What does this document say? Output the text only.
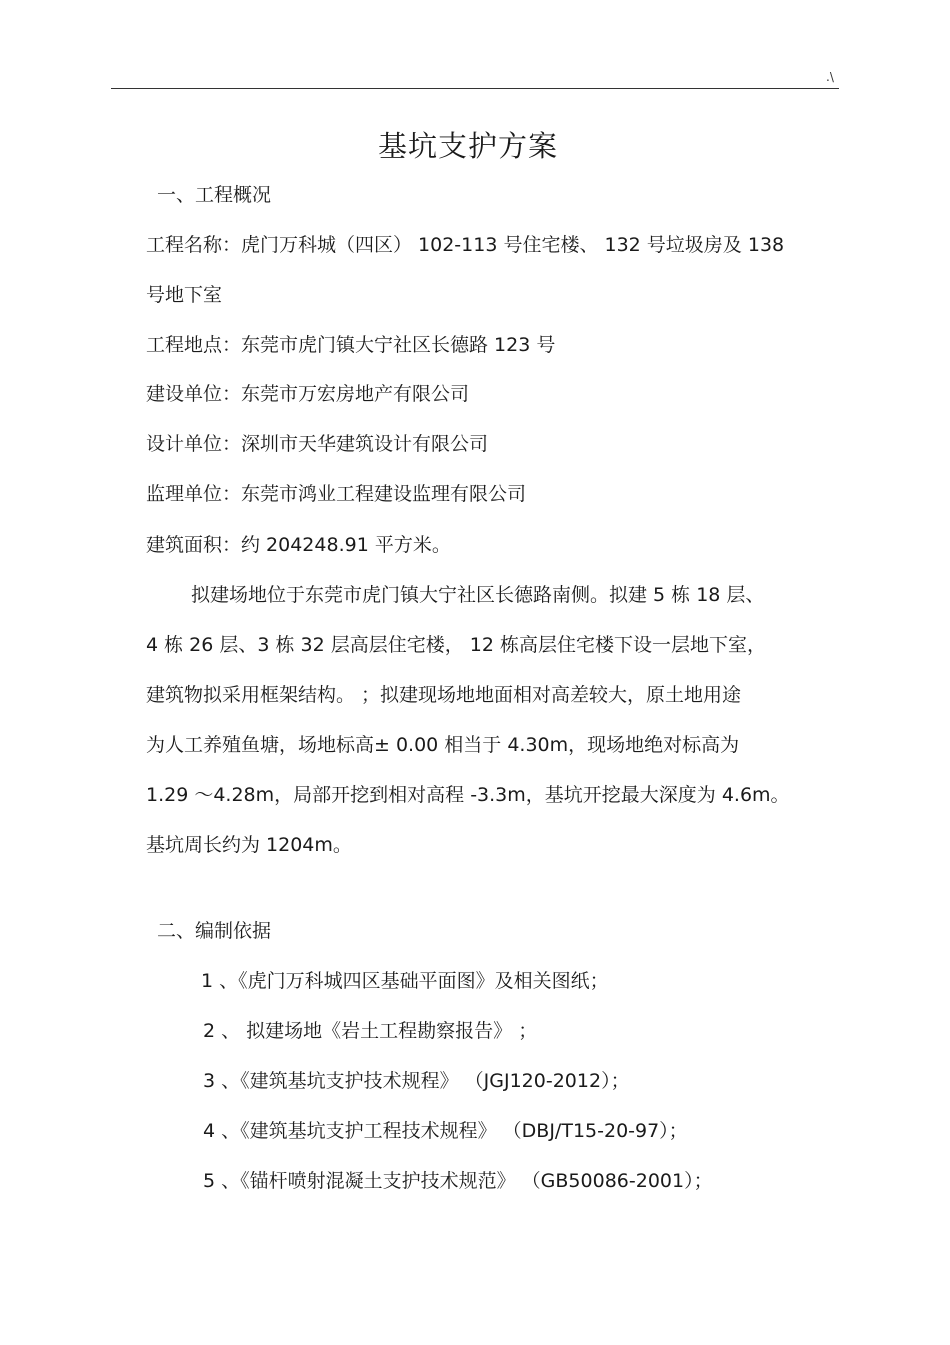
.\
基坑支护方案
一、工程概况
工程名称：虎门万科城（四区） 102-113 号住宅楼、 132 号垃圾房及 138
号地下室
工程地点：东莞市虎门镇大宁社区长德路 123 号
建设单位：东莞市万宏房地产有限公司
设计单位：深圳市天华建筑设计有限公司
监理单位：东莞市鸿业工程建设监理有限公司
建筑面积：约 204248.91 平方米。
拟建场地位于东莞市虎门镇大宁社区长德路南侧。拟建 5 栋 18 层、
4 栋 26 层、3 栋 32 层高层住宅楼， 12 栋高层住宅楼下设一层地下室，
建筑物拟采用框架结构。 ；拟建现场地地面相对高差较大，原土地用途
为人工养殖鱼塘，场地标高± 0.00 相当于 4.30m，现场地绝对标高为
1.29 ～4.28m，局部开挖到相对高程 -3.3m，基坑开挖最大深度为 4.6m。
基坑周长约为 1204m。
二、编制依据
1 、《虎门万科城四区基础平面图》及相关图纸；
2 、 拟建场地《岩土工程勘察报告》 ；
3 、《建筑基坑支护技术规程》 （JGJ120-2012）；
4 、《建筑基坑支护工程技术规程》 （DBJ/T15-20-97）；
5 、《锚杆喷射混凝土支护技术规范》 （GB50086-2001）；
